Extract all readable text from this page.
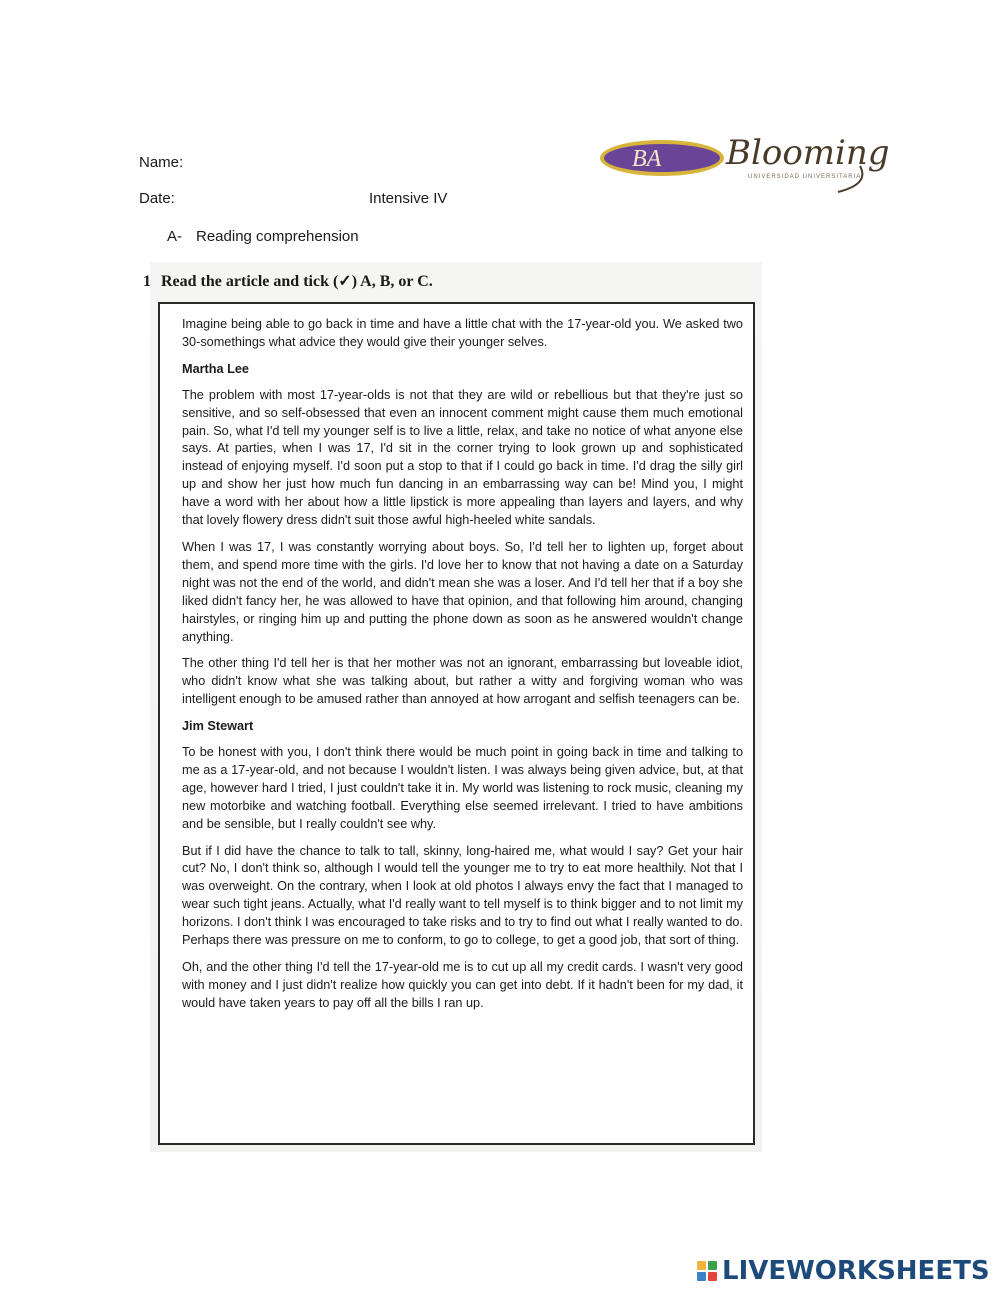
Name:
Date:	Intensive IV
A- Reading comprehension
BA Blooming
UNIVERSIDAD UNIVERSITARIA
1 Read the article and tick (✓) A, B, or C.

Imagine being able to go back in time and have a little chat with the 17-year-old you. We asked two 30-somethings what advice they would give their younger selves.

Martha Lee

The problem with most 17-year-olds is not that they are wild or rebellious but that they're just so sensitive, and so self-obsessed that even an innocent comment might cause them much emotional pain. So, what I'd tell my younger self is to live a little, relax, and take no notice of what anyone else says. At parties, when I was 17, I'd sit in the corner trying to look grown up and sophisticated instead of enjoying myself. I'd soon put a stop to that if I could go back in time. I'd drag the silly girl up and show her just how much fun dancing in an embarrassing way can be! Mind you, I might have a word with her about how a little lipstick is more appealing than layers and layers, and why that lovely flowery dress didn't suit those awful high-heeled white sandals.

When I was 17, I was constantly worrying about boys. So, I'd tell her to lighten up, forget about them, and spend more time with the girls. I'd love her to know that not having a date on a Saturday night was not the end of the world, and didn't mean she was a loser. And I'd tell her that if a boy she liked didn't fancy her, he was allowed to have that opinion, and that following him around, changing hairstyles, or ringing him up and putting the phone down as soon as he answered wouldn't change anything.

The other thing I'd tell her is that her mother was not an ignorant, embarrassing but loveable idiot, who didn't know what she was talking about, but rather a witty and forgiving woman who was intelligent enough to be amused rather than annoyed at how arrogant and selfish teenagers can be.

Jim Stewart

To be honest with you, I don't think there would be much point in going back in time and talking to me as a 17-year-old, and not because I wouldn't listen. I was always being given advice, but, at that age, however hard I tried, I just couldn't take it in. My world was listening to rock music, cleaning my new motorbike and watching football. Everything else seemed irrelevant. I tried to have ambitions and be sensible, but I really couldn't see why.

But if I did have the chance to talk to tall, skinny, long-haired me, what would I say? Get your hair cut? No, I don't think so, although I would tell the younger me to try to eat more healthily. Not that I was overweight. On the contrary, when I look at old photos I always envy the fact that I managed to wear such tight jeans. Actually, what I'd really want to tell myself is to think bigger and to not limit my horizons. I don't think I was encouraged to take risks and to try to find out what I really wanted to do. Perhaps there was pressure on me to conform, to go to college, to get a good job, that sort of thing.

Oh, and the other thing I'd tell the 17-year-old me is to cut up all my credit cards. I wasn't very good with money and I just didn't realize how quickly you can get into debt. If it hadn't been for my dad, it would have taken years to pay off all the bills I ran up.

LIVEWORKSHEETS
